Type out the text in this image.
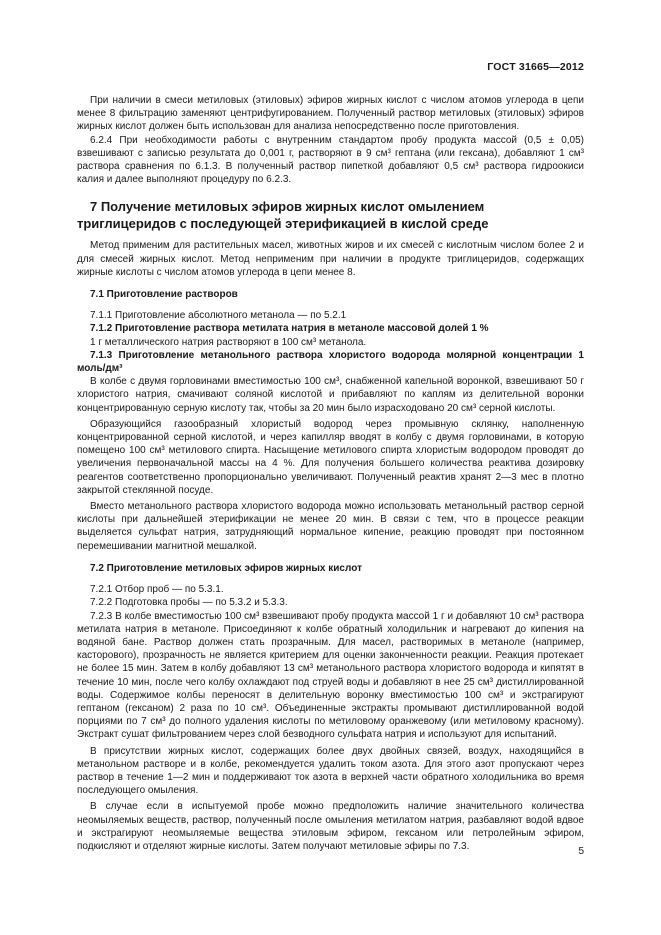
ГОСТ 31665—2012

При наличии в смеси метиловых (этиловых) эфиров жирных кислот с числом атомов углерода в цепи менее 8 фильтрацию заменяют центрифугированием. Полученный раствор метиловых (этиловых) эфиров жирных кислот должен быть использован для анализа непосредственно после приготовления.

6.2.4 При необходимости работы с внутренним стандартом пробу продукта массой (0,5 ± 0,05) взвешивают с записью результата до 0,001 г, растворяют в 9 см³ гептана (или гексана), добавляют 1 см³ раствора сравнения по 6.1.3. В полученный раствор пипеткой добавляют 0,5 см³ раствора гидроокиси калия и далее выполняют процедуру по 6.2.3.

7 Получение метиловых эфиров жирных кислот омылением триглицеридов с последующей этерификацией в кислой среде

Метод применим для растительных масел, животных жиров и их смесей с кислотным числом более 2 и для смесей жирных кислот. Метод неприменим при наличии в продукте триглицеридов, содержащих жирные кислоты с числом атомов углерода в цепи менее 8.

7.1 Приготовление растворов

7.1.1 Приготовление абсолютного метанола — по 5.2.1

7.1.2 Приготовление раствора метилата натрия в метаноле массовой долей 1 %

1 г металлического натрия растворяют в 100 см³ метанола.

7.1.3 Приготовление метанольного раствора хлористого водорода молярной концентрации 1 моль/дм³

В колбе с двумя горловинами вместимостью 100 см³, снабженной капельной воронкой, взвешивают 50 г хлористого натрия, смачивают соляной кислотой и прибавляют по каплям из делительной воронки концентрированную серную кислоту так, чтобы за 20 мин было израсходовано 20 см³ серной кислоты.

Образующийся газообразный хлористый водород через промывную склянку, наполненную концентрированной серной кислотой, и через капилляр вводят в колбу с двумя горловинами, в которую помещено 100 см³ метилового спирта. Насыщение метилового спирта хлористым водородом проводят до увеличения первоначальной массы на 4 %. Для получения большего количества реактива дозировку реагентов соответственно пропорционально увеличивают. Полученный реактив хранят 2—3 мес в плотно закрытой стеклянной посуде.

Вместо метанольного раствора хлористого водорода можно использовать метанольный раствор серной кислоты при дальнейшей этерификации не менее 20 мин. В связи с тем, что в процессе реакции выделяется сульфат натрия, затрудняющий нормальное кипение, реакцию проводят при постоянном перемешивании магнитной мешалкой.

7.2 Приготовление метиловых эфиров жирных кислот

7.2.1 Отбор проб — по 5.3.1.

7.2.2 Подготовка пробы — по 5.3.2 и 5.3.3.

7.2.3 В колбе вместимостью 100 см³ взвешивают пробу продукта массой 1 г и добавляют 10 см³ раствора метилата натрия в метаноле. Присоединяют к колбе обратный холодильник и нагревают до кипения на водяной бане. Раствор должен стать прозрачным. Для масел, растворимых в метаноле (например, касторового), прозрачность не является критерием для оценки законченности реакции. Реакция протекает не более 15 мин. Затем в колбу добавляют 13 см³ метанольного раствора хлористого водорода и кипятят в течение 10 мин, после чего колбу охлаждают под струей воды и добавляют в нее 25 см³ дистиллированной воды. Содержимое колбы переносят в делительную воронку вместимостью 100 см³ и экстрагируют гептаном (гексаном) 2 раза по 10 см³. Объединенные экстракты промывают дистиллированной водой порциями по 7 см³ до полного удаления кислоты по метиловому оранжевому (или метиловому красному). Экстракт сушат фильтрованием через слой безводного сульфата натрия и используют для испытаний.

В присутствии жирных кислот, содержащих более двух двойных связей, воздух, находящийся в метанольном растворе и в колбе, рекомендуется удалить током азота. Для этого азот пропускают через раствор в течение 1—2 мин и поддерживают ток азота в верхней части обратного холодильника во время последующего омыления.

В случае если в испытуемой пробе можно предположить наличие значительного количества неомыляемых веществ, раствор, полученный после омыления метилатом натрия, разбавляют водой вдвое и экстрагируют неомыляемые вещества этиловым эфиром, гексаном или петролейным эфиром, подкисляют и отделяют жирные кислоты. Затем получают метиловые эфиры по 7.3.	5
